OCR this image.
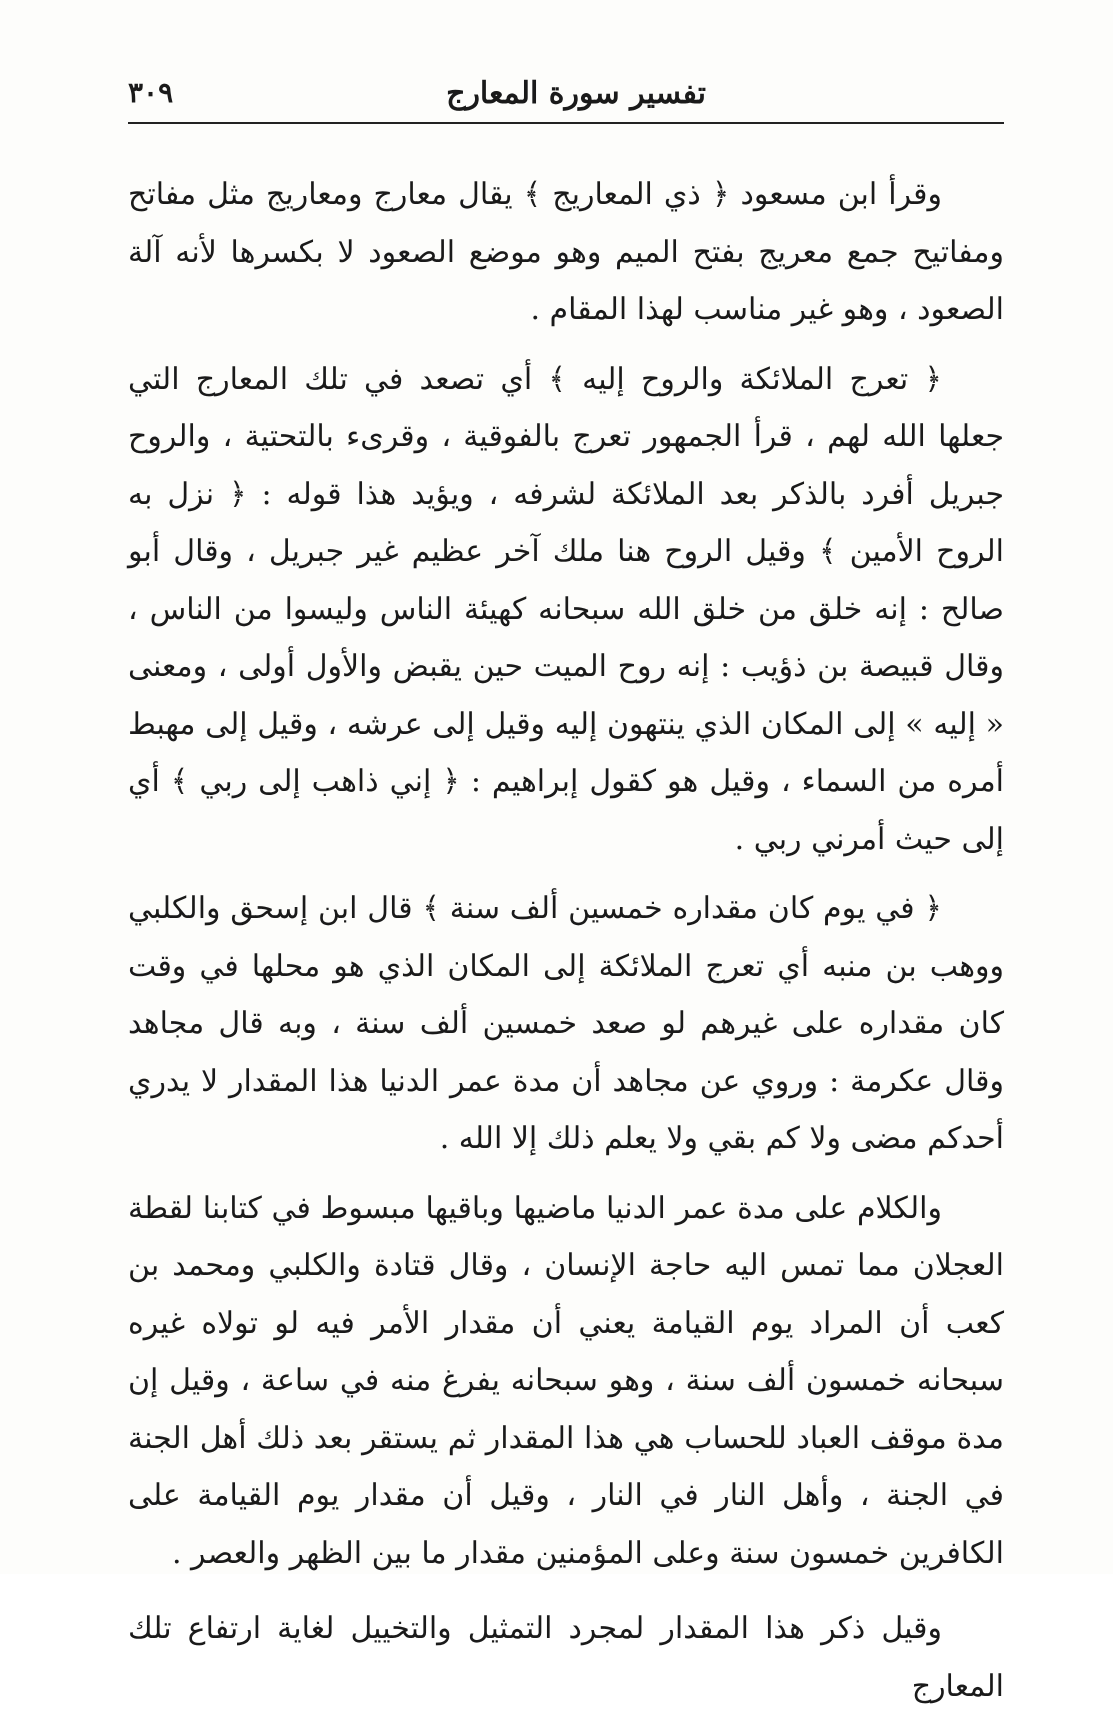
تفسير سورة المعارج
٣٠٩

وقرأ ابن مسعود ﴿ ذي المعاريج ﴾ يقال معارج ومعاريج مثل مفاتح ومفاتيح جمع معريج بفتح الميم وهو موضع الصعود لا بكسرها لأنه آلة الصعود ، وهو غير مناسب لهذا المقام .

﴿ تعرج الملائكة والروح إليه ﴾ أي تصعد في تلك المعارج التي جعلها الله لهم ، قرأ الجمهور تعرج بالفوقية ، وقرىء بالتحتية ، والروح جبريل أفرد بالذكر بعد الملائكة لشرفه ، ويؤيد هذا قوله : ﴿ نزل به الروح الأمين ﴾ وقيل الروح هنا ملك آخر عظيم غير جبريل ، وقال أبو صالح : إنه خلق من خلق الله سبحانه كهيئة الناس وليسوا من الناس ، وقال قبيصة بن ذؤيب : إنه روح الميت حين يقبض والأول أولى ، ومعنى « إليه » إلى المكان الذي ينتهون إليه وقيل إلى عرشه ، وقيل إلى مهبط أمره من السماء ، وقيل هو كقول إبراهيم : ﴿ إني ذاهب إلى ربي ﴾ أي إلى حيث أمرني ربي .

﴿ في يوم كان مقداره خمسين ألف سنة ﴾ قال ابن إسحق والكلبي ووهب بن منبه أي تعرج الملائكة إلى المكان الذي هو محلها في وقت كان مقداره على غيرهم لو صعد خمسين ألف سنة ، وبه قال مجاهد وقال عكرمة : وروي عن مجاهد أن مدة عمر الدنيا هذا المقدار لا يدري أحدكم مضى ولا كم بقي ولا يعلم ذلك إلا الله .

والكلام على مدة عمر الدنيا ماضيها وباقيها مبسوط في كتابنا لقطة العجلان مما تمس اليه حاجة الإنسان ، وقال قتادة والكلبي ومحمد بن كعب أن المراد يوم القيامة يعني أن مقدار الأمر فيه لو تولاه غيره سبحانه خمسون ألف سنة ، وهو سبحانه يفرغ منه في ساعة ، وقيل إن مدة موقف العباد للحساب هي هذا المقدار ثم يستقر بعد ذلك أهل الجنة في الجنة ، وأهل النار في النار ، وقيل أن مقدار يوم القيامة على الكافرين خمسون سنة وعلى المؤمنين مقدار ما بين الظهر والعصر .

وقيل ذكر هذا المقدار لمجرد التمثيل والتخييل لغاية ارتفاع تلك المعارج
